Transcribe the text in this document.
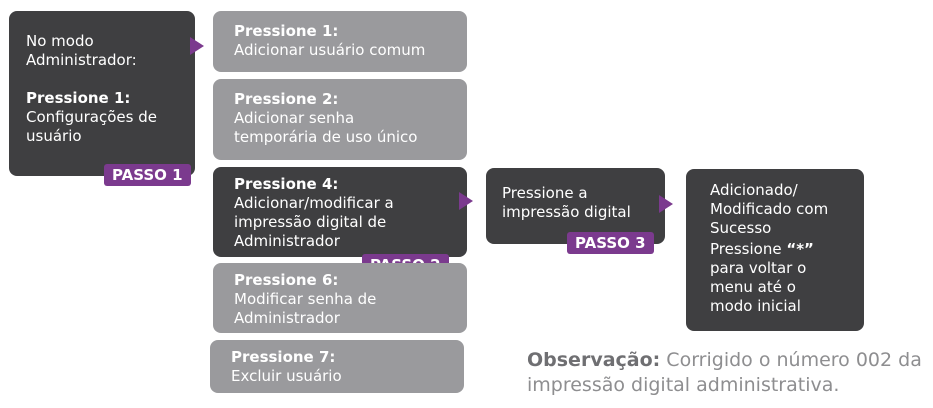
No modo
Administrador:
Pressione 1:
Configurações de
usuário
PASSO 1
Pressione 1:
Adicionar usuário comum
Pressione 2:
Adicionar senha
temporária de uso único
Pressione 4:
Adicionar/modificar a
impressão digital de
Administrador
Pressione 6:
Modificar senha de
Administrador
Pressione 7:
Excluir usuário
Pressione a
impressão digital
PASSO 3
Adicionado/
Modificado com
Sucesso
Pressione “*”
para voltar o
menu até o
modo inicial
Observação: Corrigido o número 002 da impressão digital administrativa.
